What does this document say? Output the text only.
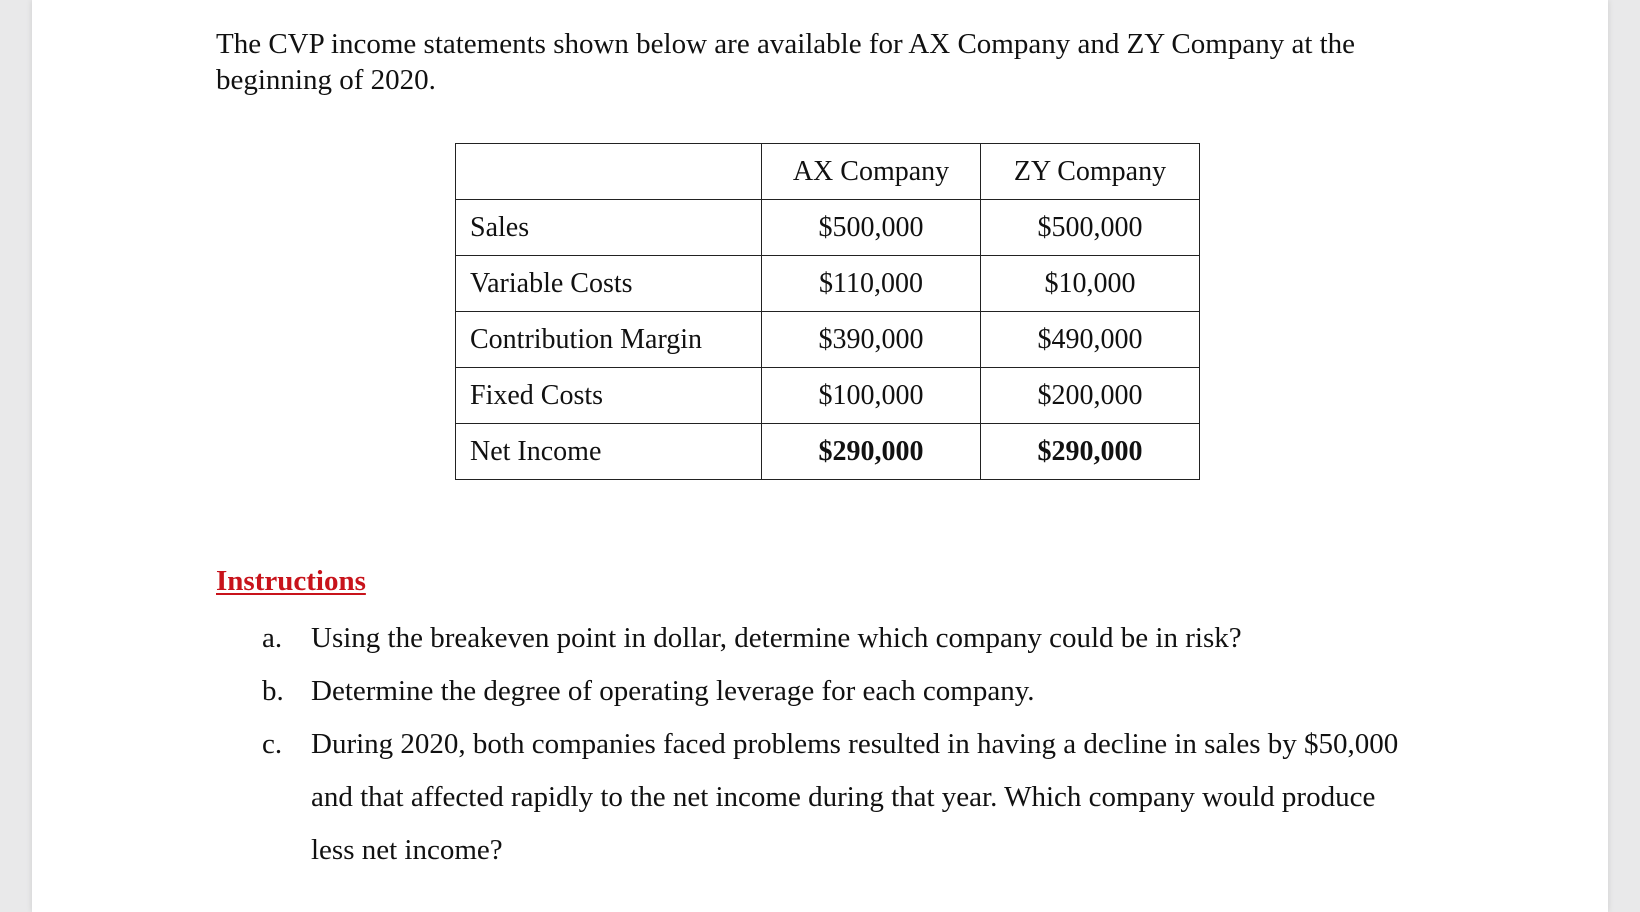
The CVP income statements shown below are available for AX Company and ZY Company at the beginning of 2020.

	AX Company	ZY Company
Sales	$500,000	$500,000
Variable Costs	$110,000	$10,000
Contribution Margin	$390,000	$490,000
Fixed Costs	$100,000	$200,000
Net Income	$290,000	$290,000

Instructions

a. Using the breakeven point in dollar, determine which company could be in risk?
b. Determine the degree of operating leverage for each company.
c. During 2020, both companies faced problems resulted in having a decline in sales by $50,000 and that affected rapidly to the net income during that year. Which company would produce less net income?
